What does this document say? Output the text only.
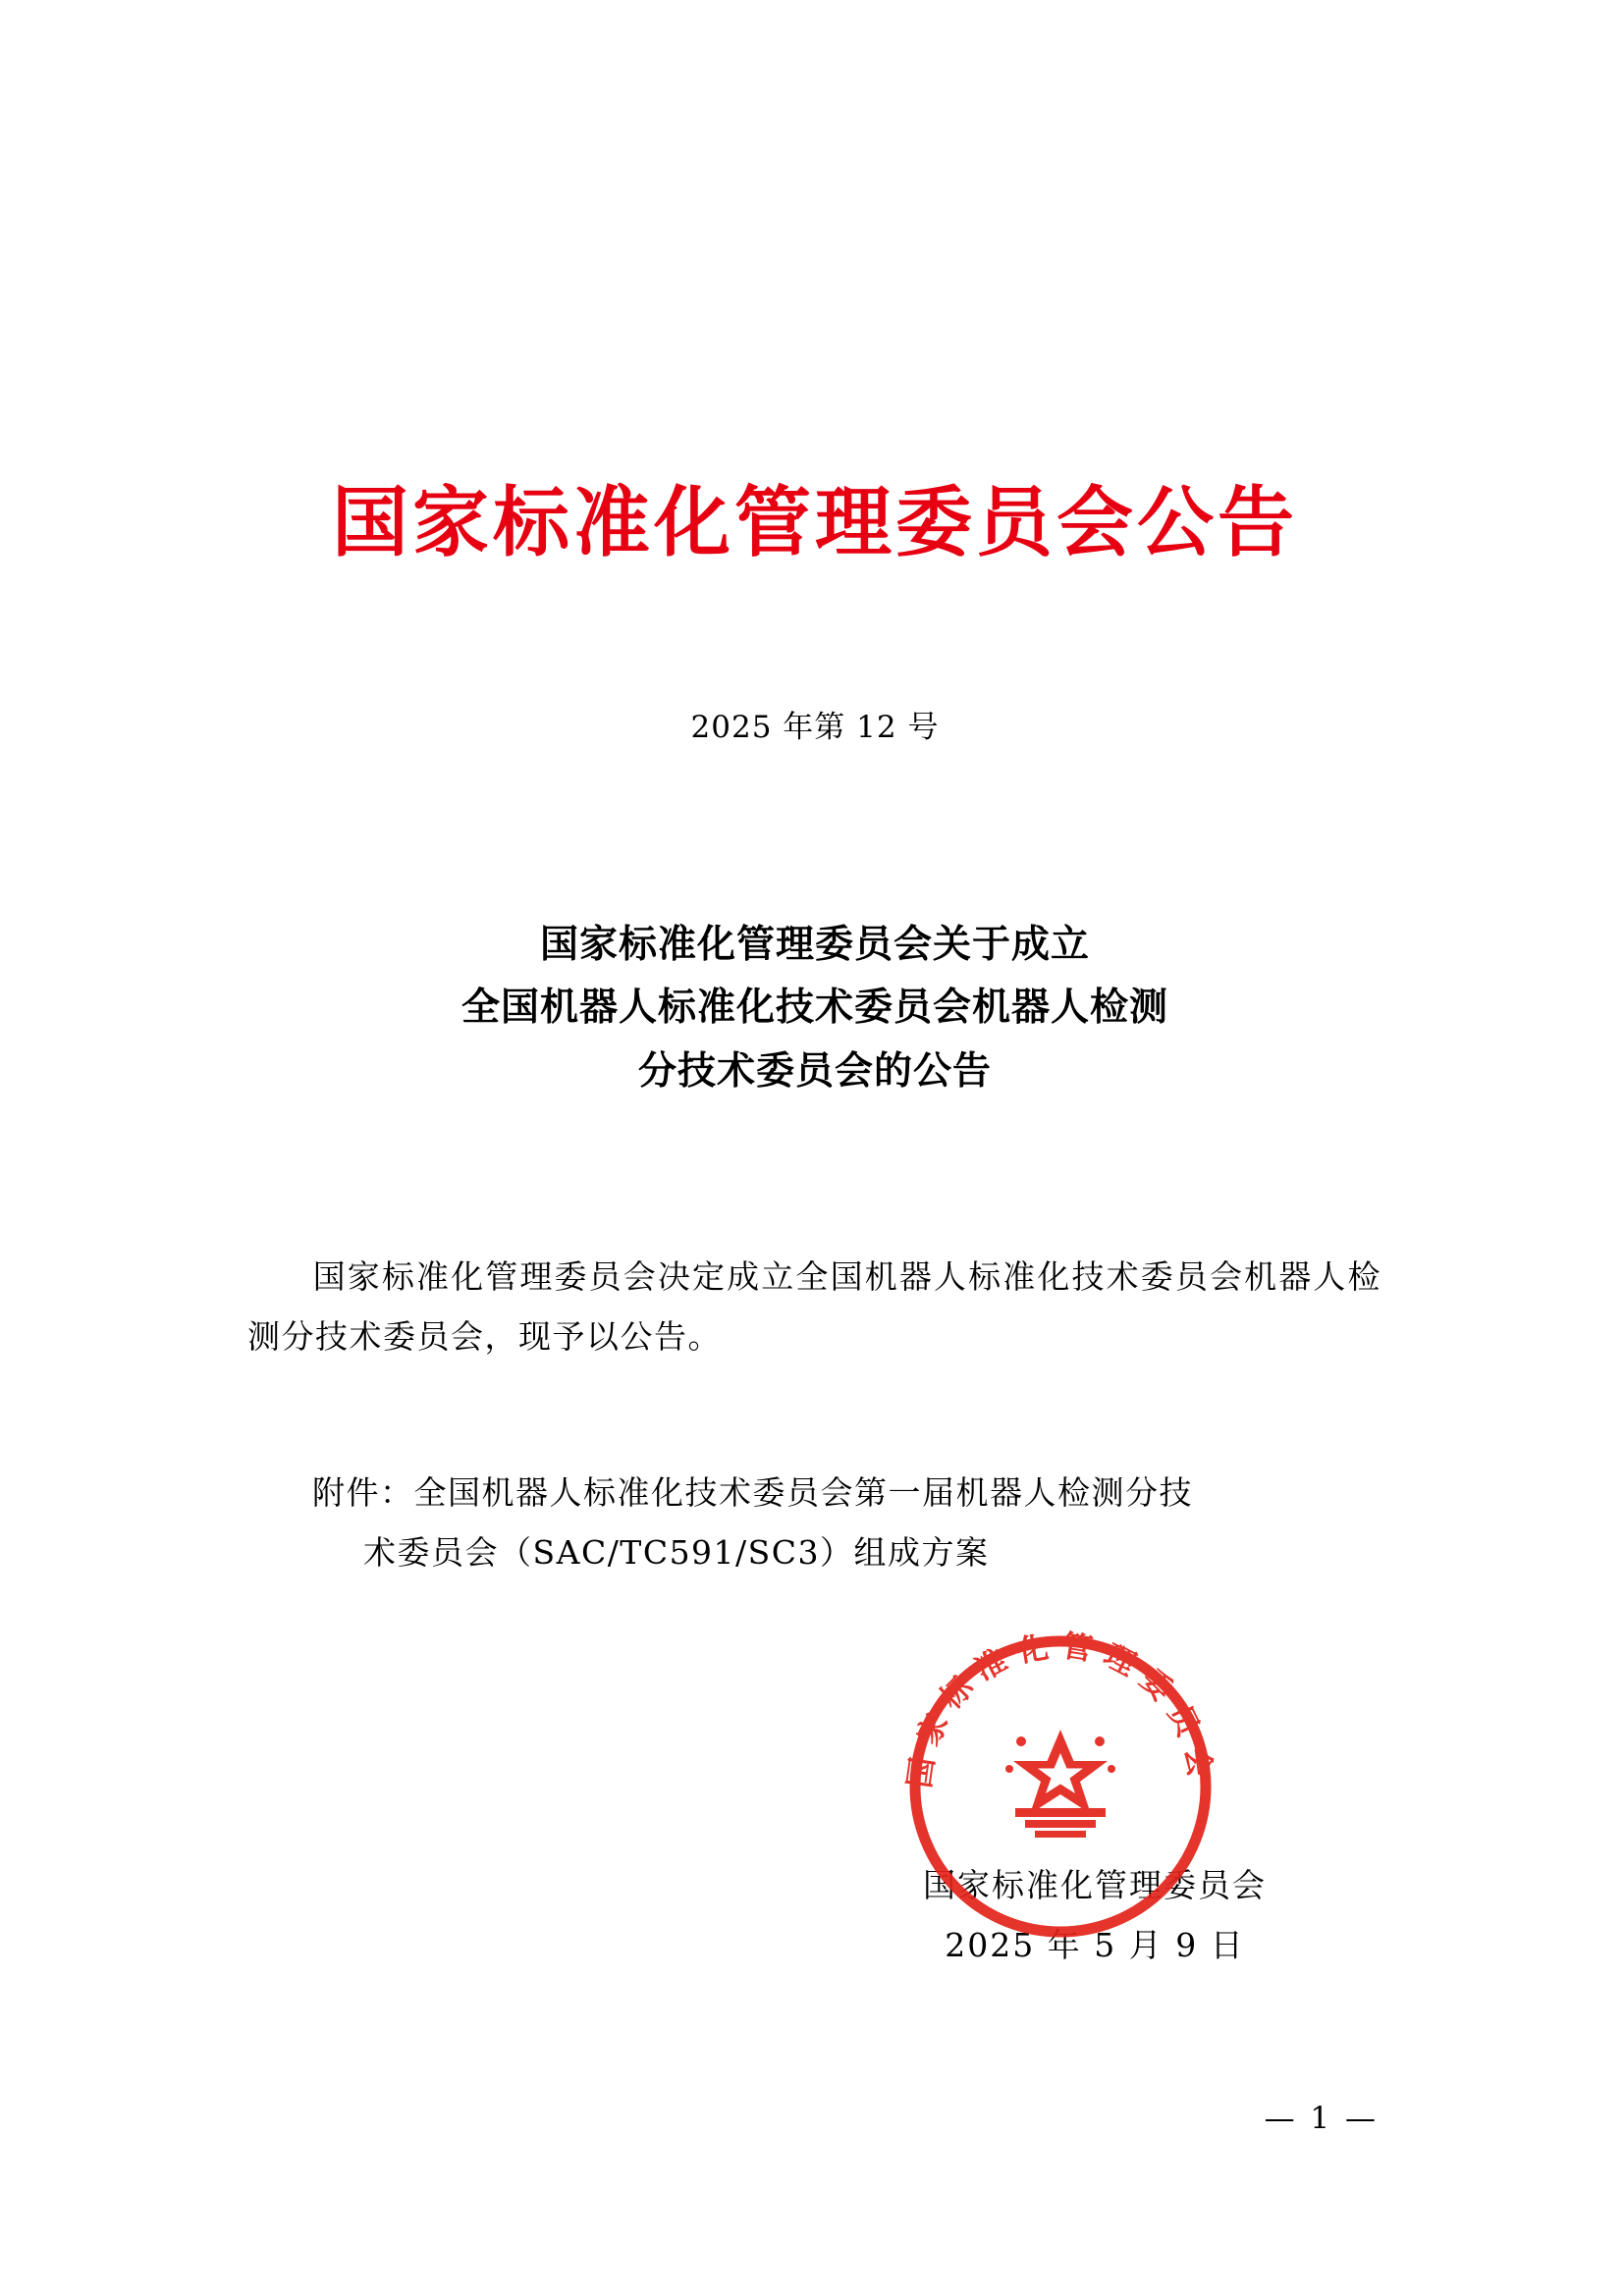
国家标准化管理委员会公告
2025 年第 12 号
国家标准化管理委员会关于成立
全国机器人标准化技术委员会机器人检测
分技术委员会的公告
国家标准化管理委员会决定成立全国机器人标准化技术委员会机器人检测分技术委员会，现予以公告。
附件：全国机器人标准化技术委员会第一届机器人检测分技
术委员会（SAC/TC591/SC3）组成方案
国家标准化管理委员会
国家标准化管理委员会
2025 年 5 月 9 日
— 1 —
